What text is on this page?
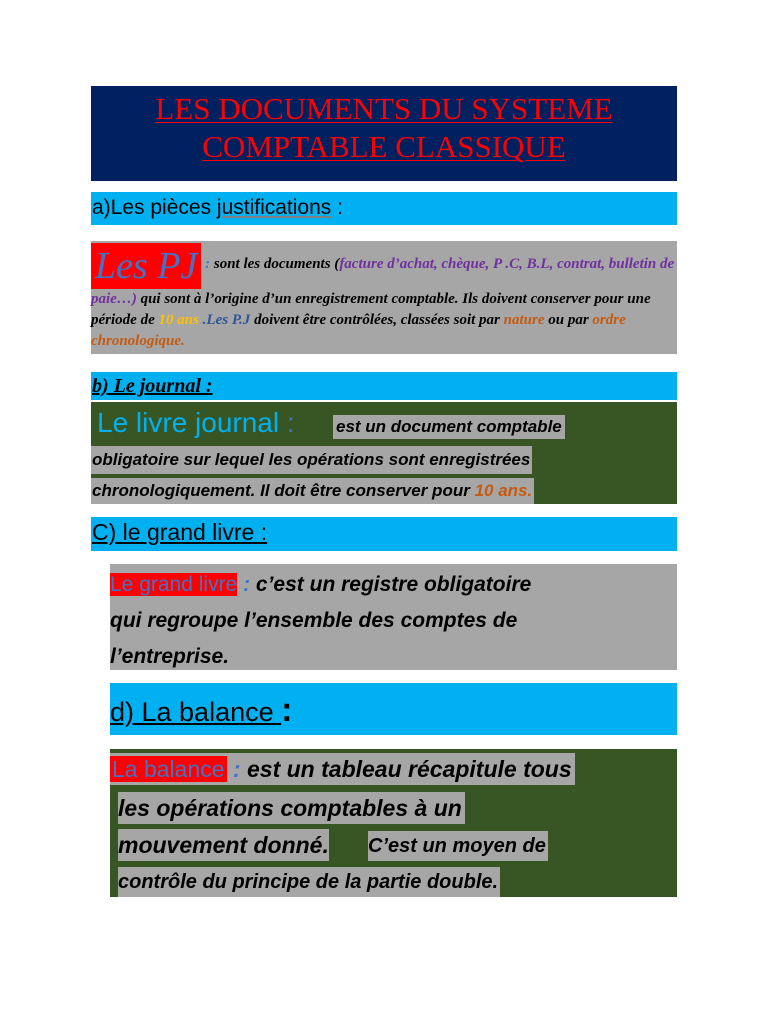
LES DOCUMENTS DU SYSTEME
COMPTABLE CLASSIQUE
a)Les pièces justifications :

Les PJ : sont les documents (facture d’achat, chèque, P .C, B.L, contrat, bulletin de paie…) qui sont à l’origine d’un enregistrement comptable. Ils doivent conserver pour une période de 10 ans .Les P.J doivent être contrôlées, classées soit par nature ou par ordre chronologique.

b) Le journal :
Le livre journal : est un document comptable
obligatoire sur lequel les opérations sont enregistrées
chronologiquement. Il doit être conserver pour 10 ans.
C) le grand livre :

Le grand livre : c’est un registre obligatoire
qui regroupe l’ensemble des comptes de
l’entreprise.

d) La balance :
La balance : est un tableau récapitule tous
les opérations comptables à un
mouvement donné. C’est un moyen de
contrôle du principe de la partie double.
